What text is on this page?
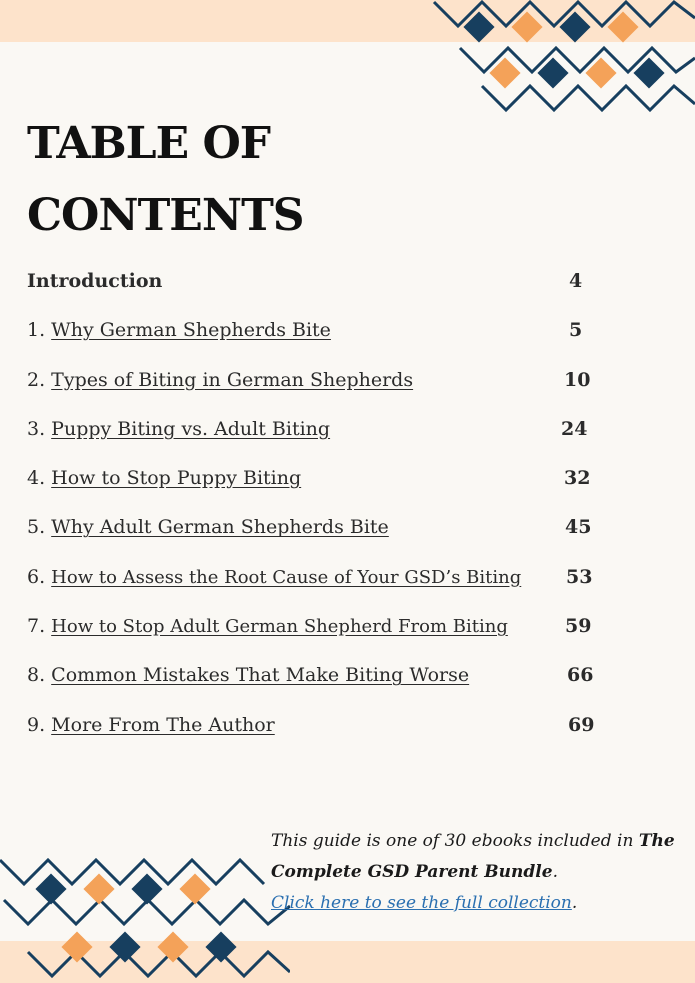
TABLE OF
CONTENTS
Introduction	4
1. Why German Shepherds Bite	5
2. Types of Biting in German Shepherds	10
3. Puppy Biting vs. Adult Biting	24
4. How to Stop Puppy Biting	32
5. Why Adult German Shepherds Bite	45
6. How to Assess the Root Cause of Your GSD’s Biting 53
7. How to Stop Adult German Shepherd From Biting	59
8. Common Mistakes That Make Biting Worse	66
9. More From The Author	69
This guide is one of 30 ebooks included in The Complete GSD Parent Bundle.
Click here to see the full collection.
